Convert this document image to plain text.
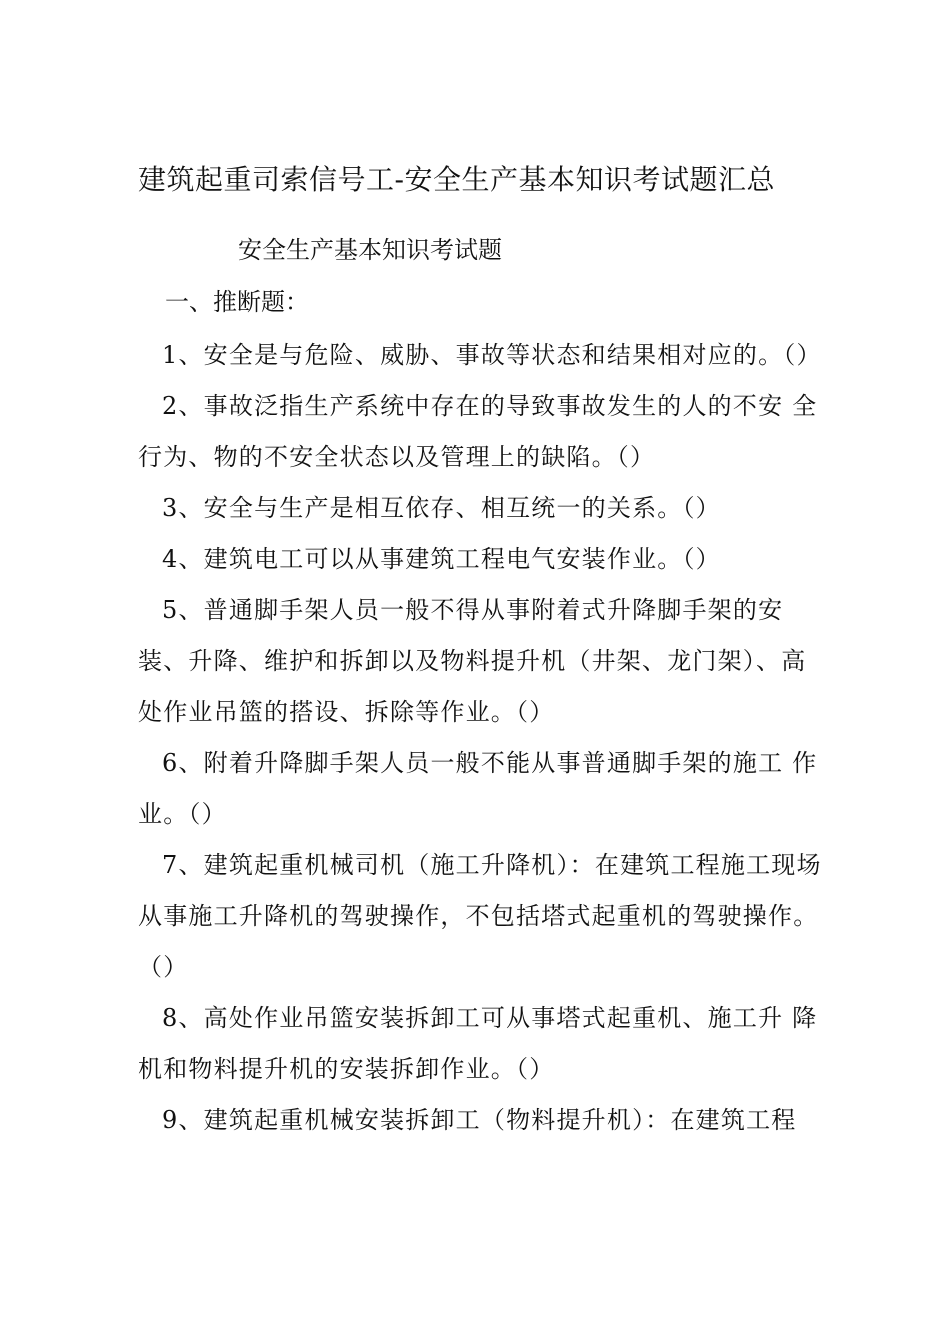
建筑起重司索信号工-安全生产基本知识考试题汇总
安全生产基本知识考试题
一、推断题：

1、安全是与危险、威胁、事故等状态和结果相对应的。（）

2、事故泛指生产系统中存在的导致事故发生的人的不安 全行为、物的不安全状态以及管理上的缺陷。（）

3、安全与生产是相互依存、相互统一的关系。（）

4、建筑电工可以从事建筑工程电气安装作业。（）

5、普通脚手架人员一般不得从事附着式升降脚手架的安装、升降、维护和拆卸以及物料提升机（井架、龙门架）、高处作业吊篮的搭设、拆除等作业。（）

6、附着升降脚手架人员一般不能从事普通脚手架的施工 作业。（）

7、建筑起重机械司机（施工升降机）：在建筑工程施工现场从事施工升降机的驾驶操作，不包括塔式起重机的驾驶操作。（）

8、高处作业吊篮安装拆卸工可从事塔式起重机、施工升 降机和物料提升机的安装拆卸作业。（）

9、建筑起重机械安装拆卸工（物料提升机）：在建筑工程
